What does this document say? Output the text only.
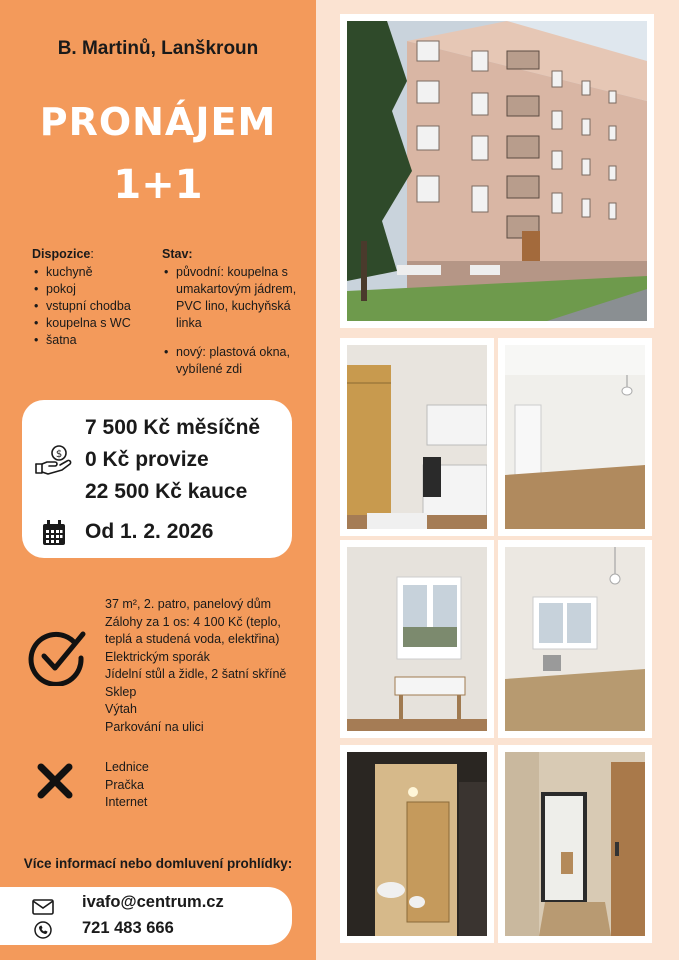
B. Martinů, Lanškroun
PRONÁJEM
1+1
Dispozice:
• kuchyně
• pokoj
• vstupní chodba
• koupelna s WC
• šatna
Stav:
• původní: koupelna s umakartovým jádrem, PVC lino, kuchyňská linka
• nový: plastová okna, vybílené zdi
$
7 500 Kč měsíčně
0 Kč provize
22 500 Kč kauce
Od 1. 2. 2026
37 m², 2. patro, panelový dům
Zálohy za 1 os: 4 100 Kč (teplo,
teplá a studená voda, elektřina)
Elektrickým sporák
Jídelní stůl a židle, 2 šatní skříně
Sklep
Výtah
Parkování na ulici
Lednice
Pračka
Internet
Více informací nebo domluvení prohlídky:
ivafo@centrum.cz
721 483 666
